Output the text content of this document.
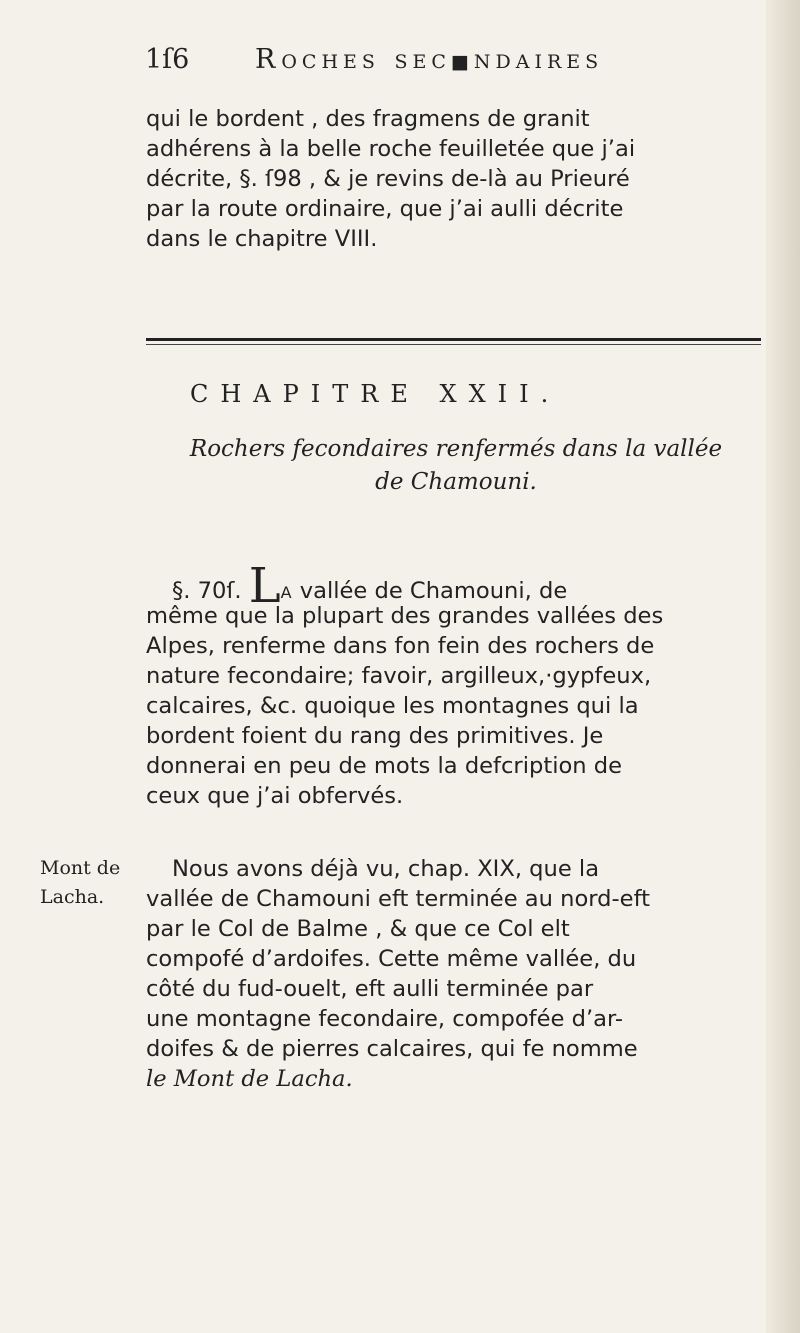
1ſ6 ROCHES SEC■NDAIRES

qui le bordent , des fragmens de granit
adhérens à la belle roche feuilletée que j’ai
décrite, §. ſ98 , & je revins de-là au Prieuré
par la route ordinaire, que j’ai aulli décrite
dans le chapitre VIII.

CHAPITRE XXII.

Rochers fecondaires renfermés dans la vallée
de Chamouni.

§. 70ſ. LA vallée de Chamouni, de

même que la plupart des grandes vallées des
Alpes, renferme dans fon fein des rochers de
nature fecondaire; favoir, argilleux,·gypfeux,
calcaires, &c. quoique les montagnes qui la
bordent foient du rang des primitives. Je
donnerai en peu de mots la defcription de
ceux que j’ai obfervés.

Mont de
Lacha.

Nous avons déjà vu, chap. XIX, que la

vallée de Chamouni eft terminée au nord-eft
par le Col de Balme , & que ce Col elt
compofé d’ardoifes. Cette même vallée, du
côté du fud-ouelt, eft aulli terminée par
une montagne fecondaire, compofée d’ar-
doifes & de pierres calcaires, qui fe nomme
le Mont de Lacha.
